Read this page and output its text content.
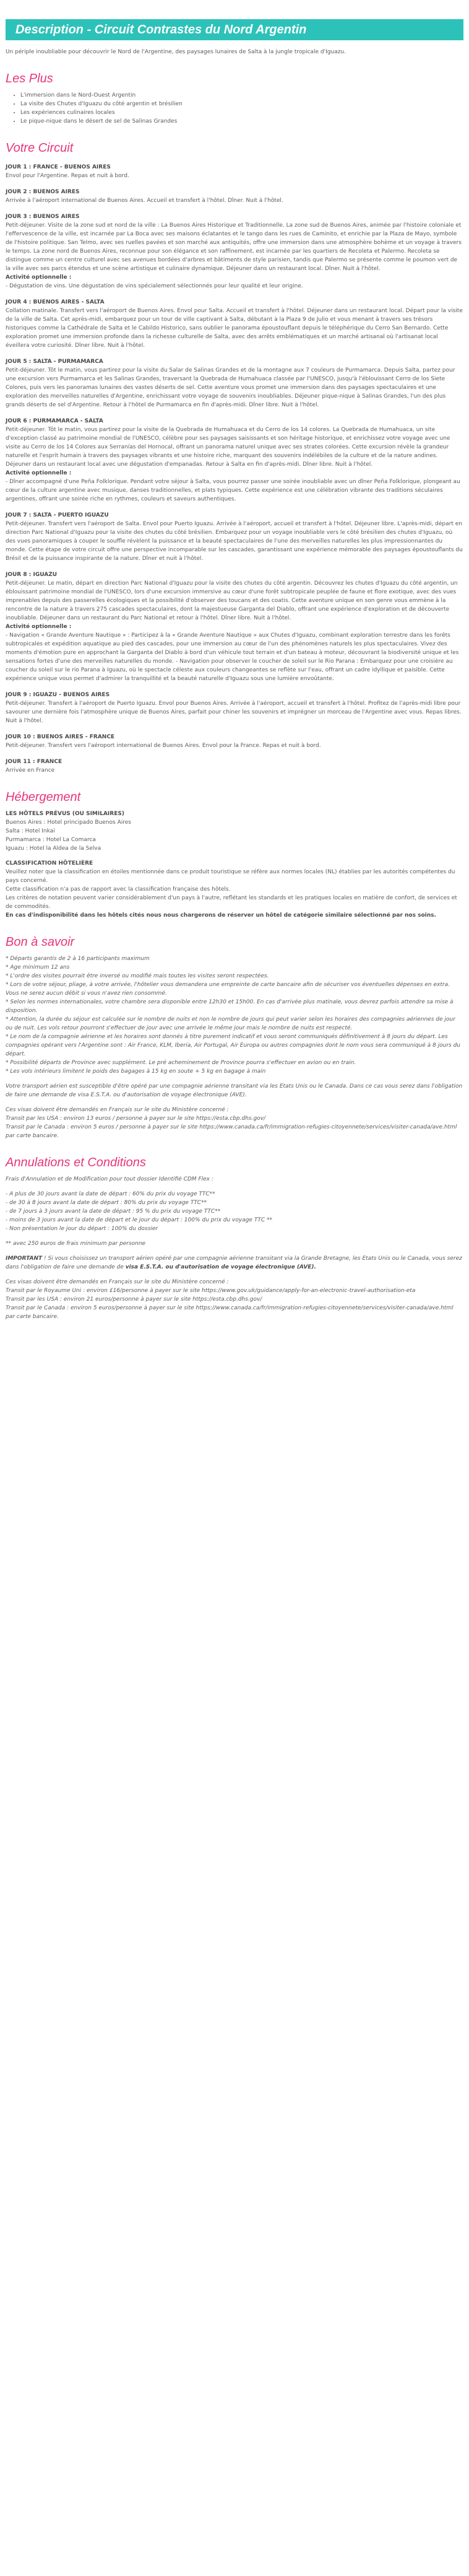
Description - Circuit Contrastes du Nord Argentin

Un périple inoubliable pour découvrir le Nord de l'Argentine, des paysages lunaires de Salta à la jungle tropicale d'Iguazu.

Les Plus
• L'immersion dans le Nord-Ouest Argentin
• La visite des Chutes d'Iguazu du côté argentin et brésilien
• Les expériences culinaires locales
• Le pique-nique dans le désert de sel de Salinas Grandes
Votre Circuit

JOUR 1 : FRANCE - BUENOS AIRES

Envol pour l'Argentine. Repas et nuit à bord.

JOUR 2 : BUENOS AIRES

Arrivée à l'aéroport international de Buenos Aires. Accueil et transfert à l'hôtel. Dîner. Nuit à l'hôtel.

JOUR 3 : BUENOS AIRES

Petit-déjeuner. Visite de la zone sud et nord de la ville : La Buenos Aires Historique et Traditionnelle. La zone sud de Buenos Aires, animée par l'histoire coloniale et l'effervescence de la ville, est incarnée par La Boca avec ses maisons éclatantes et le tango dans les rues de Caminito, et enrichie par la Plaza de Mayo, symbole de l'histoire politique. San Telmo, avec ses ruelles pavées et son marché aux antiquités, offre une immersion dans une atmosphère bohème et un voyage à travers le temps. La zone nord de Buenos Aires, reconnue pour son élégance et son raffinement, est incarnée par les quartiers de Recoleta et Palermo. Recoleta se distingue comme un centre culturel avec ses avenues bordées d'arbres et bâtiments de style parisien, tandis que Palermo se présente comme le poumon vert de la ville avec ses parcs étendus et une scène artistique et culinaire dynamique. Déjeuner dans un restaurant local. Dîner. Nuit à l'hôtel.

Activité optionnelle :

- Dégustation de vins. Une dégustation de vins spécialement sélectionnés pour leur qualité et leur origine.

JOUR 4 : BUENOS AIRES - SALTA

Collation matinale. Transfert vers l'aéroport de Buenos Aires. Envol pour Salta. Accueil et transfert à l'hôtel. Déjeuner dans un restaurant local. Départ pour la visite de la ville de Salta. Cet après-midi, embarquez pour un tour de ville captivant à Salta, débutant à la Plaza 9 de Julio et vous menant à travers ses trésors historiques comme la Cathédrale de Salta et le Cabildo Historico, sans oublier le panorama époustouflant depuis le téléphérique du Cerro San Bernardo. Cette exploration promet une immersion profonde dans la richesse culturelle de Salta, avec des arrêts emblématiques et un marché artisanal où l'artisanat local éveillera votre curiosité. Dîner libre. Nuit à l'hôtel.

JOUR 5 : SALTA - PURMAMARCA

Petit-déjeuner. Tôt le matin, vous partirez pour la visite du Salar de Salinas Grandes et de la montagne aux 7 couleurs de Purmamarca. Depuis Salta, partez pour une excursion vers Purmamarca et les Salinas Grandes, traversant la Quebrada de Humahuaca classée par l'UNESCO, jusqu'à l'éblouissant Cerro de los Siete Colores, puis vers les panoramas lunaires des vastes déserts de sel. Cette aventure vous promet une immersion dans des paysages spectaculaires et une exploration des merveilles naturelles d'Argentine, enrichissant votre voyage de souvenirs inoubliables. Déjeuner pique-nique à Salinas Grandes, l'un des plus grands déserts de sel d'Argentine. Retour à l'hôtel de Purmamarca en fin d'après-midi. Dîner libre. Nuit à l'hôtel.

JOUR 6 : PURMAMARCA - SALTA

Petit-déjeuner. Tôt le matin, vous partirez pour la visite de la Quebrada de Humahuaca et du Cerro de los 14 colores. La Quebrada de Humahuaca, un site d'exception classé au patrimoine mondial de l'UNESCO, célèbre pour ses paysages saisissants et son héritage historique, et enrichissez votre voyage avec une visite au Cerro de los 14 Colores aux Serranías del Hornocal, offrant un panorama naturel unique avec ses strates colorées. Cette excursion révèle la grandeur naturelle et l'esprit humain à travers des paysages vibrants et une histoire riche, marquant des souvenirs indélébiles de la culture et de la nature andines. Déjeuner dans un restaurant local avec une dégustation d'empanadas. Retour à Salta en fin d'après-midi. Dîner libre. Nuit à l'hôtel.

Activité optionnelle :

- Dîner accompagné d'une Peña Folklorique. Pendant votre séjour à Salta, vous pourrez passer une soirée inoubliable avec un dîner Peña Folklorique, plongeant au cœur de la culture argentine avec musique, danses traditionnelles, et plats typiques. Cette expérience est une célébration vibrante des traditions séculaires argentines, offrant une soirée riche en rythmes, couleurs et saveurs authentiques.

JOUR 7 : SALTA - PUERTO IGUAZU

Petit-déjeuner. Transfert vers l'aéroport de Salta. Envol pour Puerto Iguazu. Arrivée à l'aéroport, accueil et transfert à l'hôtel. Déjeuner libre. L'après-midi, départ en direction Parc National d'Iguazu pour la visite des chutes du côté brésilien. Embarquez pour un voyage inoubliable vers le côté brésilien des chutes d'Iguazu, où des vues panoramiques à couper le souffle révèlent la puissance et la beauté spectaculaires de l'une des merveilles naturelles les plus impressionnantes du monde. Cette étape de votre circuit offre une perspective incomparable sur les cascades, garantissant une expérience mémorable des paysages époustouflants du Brésil et de la puissance inspirante de la nature. Dîner et nuit à l'hôtel.

JOUR 8 : IGUAZU

Petit-déjeuner. Le matin, départ en direction Parc National d'Iguazu pour la visite des chutes du côté argentin. Découvrez les chutes d'Iguazu du côté argentin, un éblouissant patrimoine mondial de l'UNESCO, lors d'une excursion immersive au cœur d'une forêt subtropicale peuplée de faune et flore exotique, avec des vues imprenables depuis des passerelles écologiques et la possibilité d'observer des toucans et des coatis. Cette aventure unique en son genre vous emmène à la rencontre de la nature à travers 275 cascades spectaculaires, dont la majestueuse Garganta del Diablo, offrant une expérience d'exploration et de découverte inoubliable. Déjeuner dans un restaurant du Parc National et retour à l'hôtel. Dîner libre. Nuit à l'hôtel.

Activité optionnelle :

- Navigation « Grande Aventure Nautique » : Participez à la « Grande Aventure Nautique » aux Chutes d'Iguazu, combinant exploration terrestre dans les forêts subtropicales et expédition aquatique au pied des cascades, pour une immersion au cœur de l'un des phénomènes naturels les plus spectaculaires. Vivez des moments d'émotion pure en approchant la Garganta del Diablo à bord d'un véhicule tout terrain et d'un bateau à moteur, découvrant la biodiversité unique et les sensations fortes d'une des merveilles naturelles du monde. - Navigation pour observer le coucher de soleil sur le Rio Parana : Embarquez pour une croisière au coucher du soleil sur le rio Parana à Iguazu, où le spectacle céleste aux couleurs changeantes se reflète sur l'eau, offrant un cadre idyllique et paisible. Cette expérience unique vous permet d'admirer la tranquillité et la beauté naturelle d'Iguazu sous une lumière envoûtante.

JOUR 9 : IGUAZU - BUENOS AIRES

Petit-déjeuner. Transfert à l'aéroport de Puerto Iguazu. Envol pour Buenos Aires. Arrivée à l'aéroport, accueil et transfert à l'hôtel. Profitez de l'après-midi libre pour savourer une dernière fois l'atmosphère unique de Buenos Aires, parfait pour chiner les souvenirs et imprégner un morceau de l'Argentine avec vous. Repas libres. Nuit à l'hôtel.

JOUR 10 : BUENOS AIRES - FRANCE

Petit-déjeuner. Transfert vers l'aéroport international de Buenos Aires. Envol pour la France. Repas et nuit à bord.

JOUR 11 : FRANCE

Arrivée en France

Hébergement

LES HÔTELS PRÉVUS (OU SIMILAIRES)

Buenos Aires : Hotel principado Buenos Aires

Salta : Hotel Inkai

Purmamarca : Hotel La Comarca

Iguazu : Hotel la Aldea de la Selva

CLASSIFICATION HÔTELIÈRE

Veuillez noter que la classification en étoiles mentionnée dans ce produit touristique se réfère aux normes locales (NL) établies par les autorités compétentes du pays concerné.

Cette classification n'a pas de rapport avec la classification française des hôtels.

Les critères de notation peuvent varier considérablement d'un pays à l'autre, reflétant les standards et les pratiques locales en matière de confort, de services et de commodités.

En cas d'indisponibilité dans les hôtels cités nous nous chargerons de réserver un hôtel de catégorie similaire sélectionné par nos soins.

Bon à savoir

* Départs garantis de 2 à 16 participants maximum

* Age minimum 12 ans

* L'ordre des visites pourrait être inversé ou modifié mais toutes les visites seront respectées.

* Lors de votre séjour, pliage, à votre arrivée, l'hôtelier vous demandera une empreinte de carte bancaire afin de sécuriser vos éventuelles dépenses en extra. Vous ne serez aucun débit si vous n'avez rien consommé.

* Selon les normes internationales, votre chambre sera disponible entre 12h30 et 15h00. En cas d'arrivée plus matinale, vous devrez parfois attendre sa mise à disposition.

* Attention, la durée du séjour est calculée sur le nombre de nuits et non le nombre de jours qui peut varier selon les horaires des compagnies aériennes de jour ou de nuit. Les vols retour pourront s'effectuer de jour avec une arrivée le même jour mais le nombre de nuits est respecté.

* Le nom de la compagnie aérienne et les horaires sont donnés à titre purement indicatif et vous seront communiqués définitivement à 8 jours du départ. Les compagnies opérant vers l'Argentine sont : Air France, KLM, Iberia, Air Portugal, Air Europa ou autres compagnies dont le nom vous sera communiqué à 8 jours du départ.

* Possibilité départs de Province avec supplément. Le pré acheminement de Province pourra s'effectuer en avion ou en train.

* Les vols intérieurs limitent le poids des bagages à 15 kg en soute + 5 kg en bagage à main

Votre transport aérien est susceptible d'être opéré par une compagnie aérienne transitant via les Etats Unis ou le Canada. Dans ce cas vous serez dans l'obligation de faire une demande de visa E.S.T.A. ou d'autorisation de voyage électronique (AVE).

Ces visas doivent être demandés en Français sur le site du Ministère concerné :

Transit par les USA : environ 13 euros / personne à payer sur le site https://esta.cbp.dhs.gov/

Transit par le Canada : environ 5 euros / personne à payer sur le site https://www.canada.ca/fr/immigration-refugies-citoyennete/services/visiter-canada/ave.html par carte bancaire.

Annulations et Conditions

Frais d'Annulation et de Modification pour tout dossier Identifié CDM Flex :

- A plus de 30 jours avant la date de départ : 60% du prix du voyage TTC**

- de 30 à 8 jours avant la date de départ : 80% du prix du voyage TTC**

- de 7 jours à 3 jours avant la date de départ : 95 % du prix du voyage TTC**

- moins de 3 jours avant la date de départ et le jour du départ : 100% du prix du voyage TTC **

- Non présentation le jour du départ : 100% du dossier

** avec 250 euros de frais minimum par personne

IMPORTANT ! Si vous choisissez un transport aérien opéré par une compagnie aérienne transitant via la Grande Bretagne, les Etats Unis ou le Canada, vous serez dans l'obligation de faire une demande de visa E.S.T.A. ou d'autorisation de voyage électronique (AVE).

Ces visas doivent être demandés en Français sur le site du Ministère concerné :

Transit par le Royaume Uni : environ £16/personne à payer sur le site https://www.gov.uk/guidance/apply-for-an-electronic-travel-authorisation-eta

Transit par les USA : environ 21 euros/personne à payer sur le site https://esta.cbp.dhs.gov/

Transit par le Canada : environ 5 euros/personne à payer sur le site https://www.canada.ca/fr/immigration-refugies-citoyennete/services/visiter-canada/ave.html par carte bancaire.
